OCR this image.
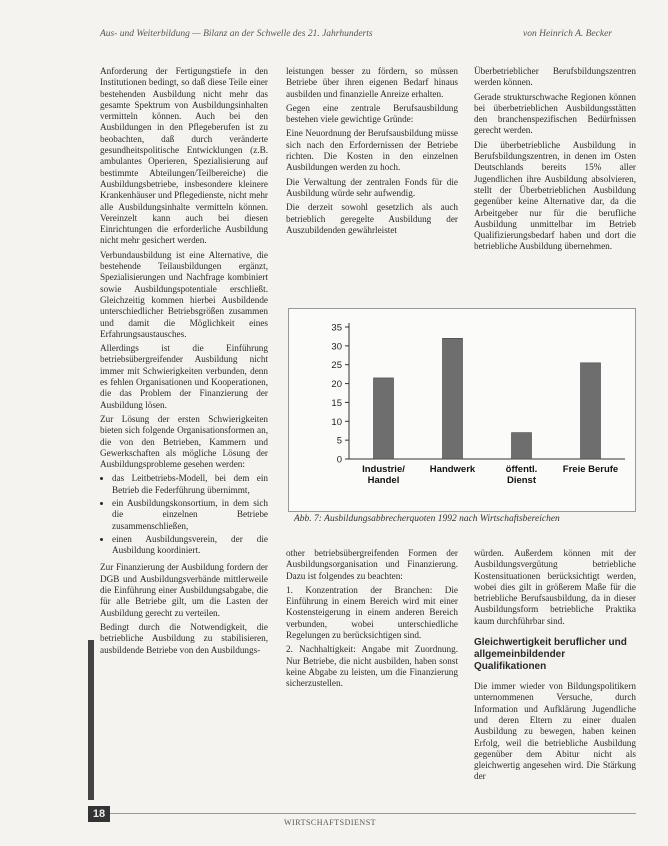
Aus- und Weiterbildung — Bilanz an der Schwelle des 21. Jahrhunderts	von Heinrich A. Becker

Anforderung der Fertigungstiefe in den Institutionen bedingt, so daß diese Teile einer bestehenden Ausbildung nicht mehr das gesamte Spektrum von Ausbildungsinhalten vermitteln können. Auch bei den Ausbildungen in den Pflegeberufen ist zu beobachten, daß durch veränderte gesundheitspolitische Entwicklungen (z.B. ambulantes Operieren, Spezialisierung auf bestimmte Abteilungen/Teilbereiche) die Ausbildungsbetriebe, insbesondere kleinere Krankenhäuser und Pflegedienste, nicht mehr alle Ausbildungsinhalte vermitteln können. Vereinzelt kann auch bei diesen Einrichtungen die erforderliche Ausbildung nicht mehr gesichert werden.

Verbundausbildung ist eine Alternative, die bestehende Teilausbildungen ergänzt, Spezialisierungen und Nachfrage kombiniert sowie Ausbildungspotentiale erschließt. Gleichzeitig kommen hierbei Ausbildende unterschiedlicher Betriebsgrößen zusammen und damit die Möglichkeit eines Erfahrungsaustausches.

Allerdings ist die Einführung betriebsübergreifender Ausbildung nicht immer mit Schwierigkeiten verbunden, denn es fehlen Organisationen und Kooperationen, die das Problem der Finanzierung der Ausbildung lösen.

Zur Lösung der ersten Schwierigkeiten bieten sich folgende Organisationsformen an, die von den Betrieben, Kammern und Gewerkschaften als mögliche Lösung der Ausbildungsprobleme gesehen werden:

• das Leitbetriebs-Modell, bei dem ein Betrieb die Federführung übernimmt,
• ein Ausbildungskonsortium, in dem sich die einzelnen Betriebe zusammenschließen,
• einen Ausbildungsverein, der die Ausbildung koordiniert.

Zur Finanzierung der Ausbildung fordern der DGB und Ausbildungsverbände mittlerweile die Einführung einer Ausbildungsabgabe, die für alle Betriebe gilt, um die Lasten der Ausbildung gerecht zu verteilen.

Bedingt durch die Notwendigkeit, die betriebliche Ausbildung zu stabilisieren, ausbildende Betriebe von den Ausbildungs-

leistungen besser zu fördern, so müssen Betriebe über ihren eigenen Bedarf hinaus ausbilden und finanzielle Anreize erhalten.

Gegen eine zentrale Berufsausbildung bestehen viele gewichtige Gründe:

Eine Neuordnung der Berufsausbildung müsse sich nach den Erfordernissen der Betriebe richten. Die Kosten in den einzelnen Ausbildungen werden zu hoch.

Die Verwaltung der zentralen Fonds für die Ausbildung würde sehr aufwendig.

Die derzeit sowohl gesetzlich als auch betrieblich geregelte Ausbildung der Auszubildenden gewährleistet

Überbetrieblicher Berufsbildungszentren werden können.

Gerade strukturschwache Regionen können bei überbetrieblichen Ausbildungsstätten den branchenspezifischen Bedürfnissen gerecht werden.

Die überbetriebliche Ausbildung in Berufsbildungszentren, in denen im Osten Deutschlands bereits 15% aller Jugendlichen ihre Ausbildung absolvieren, stellt der Überbetrieblichen Ausbildung gegenüber keine Alternative dar, da die Arbeitgeber nur für die berufliche Ausbildung unmittelbar im Betrieb Qualifizierungsbedarf haben und dort die betriebliche Ausbildung übernehmen.

0
5
10
15
20
25
30
35
Industrie/
Handel
Handwerk	öffentl.
Dienst
Freie Berufe
Abb. 7: Ausbildungsabbrecherquoten 1992 nach Wirtschaftsbereichen

other betriebsübergreifenden Formen der Ausbildungsorganisation und Finanzierung. Dazu ist folgendes zu beachten:

1. Konzentration der Branchen: Die Einführung in einem Bereich wird mit einer Kostensteigerung in einem anderen Bereich verbunden, wobei unterschiedliche Regelungen zu berücksichtigen sind.

2. Nachhaltigkeit: Angabe mit Zuordnung. Nur Betriebe, die nicht ausbilden, haben sonst keine Abgabe zu leisten, um die Finanzierung sicherzustellen.

würden. Außerdem können mit der Ausbildungsvergütung betriebliche Kostensituationen berücksichtigt werden, wobei dies gilt in größerem Maße für die betriebliche Berufsausbildung, da in dieser Ausbildungsform betriebliche Praktika kaum durchführbar sind.

Gleichwertigkeit beruflicher und allgemeinbildender Qualifikationen

Die immer wieder von Bildungspolitikern unternommenen Versuche, durch Information und Aufklärung Jugendliche und deren Eltern zu einer dualen Ausbildung zu bewegen, haben keinen Erfolg, weil die betriebliche Ausbildung gegenüber dem Abitur nicht als gleichwertig angesehen wird. Die Stärkung der

18
WIRTSCHAFTSDIENST
